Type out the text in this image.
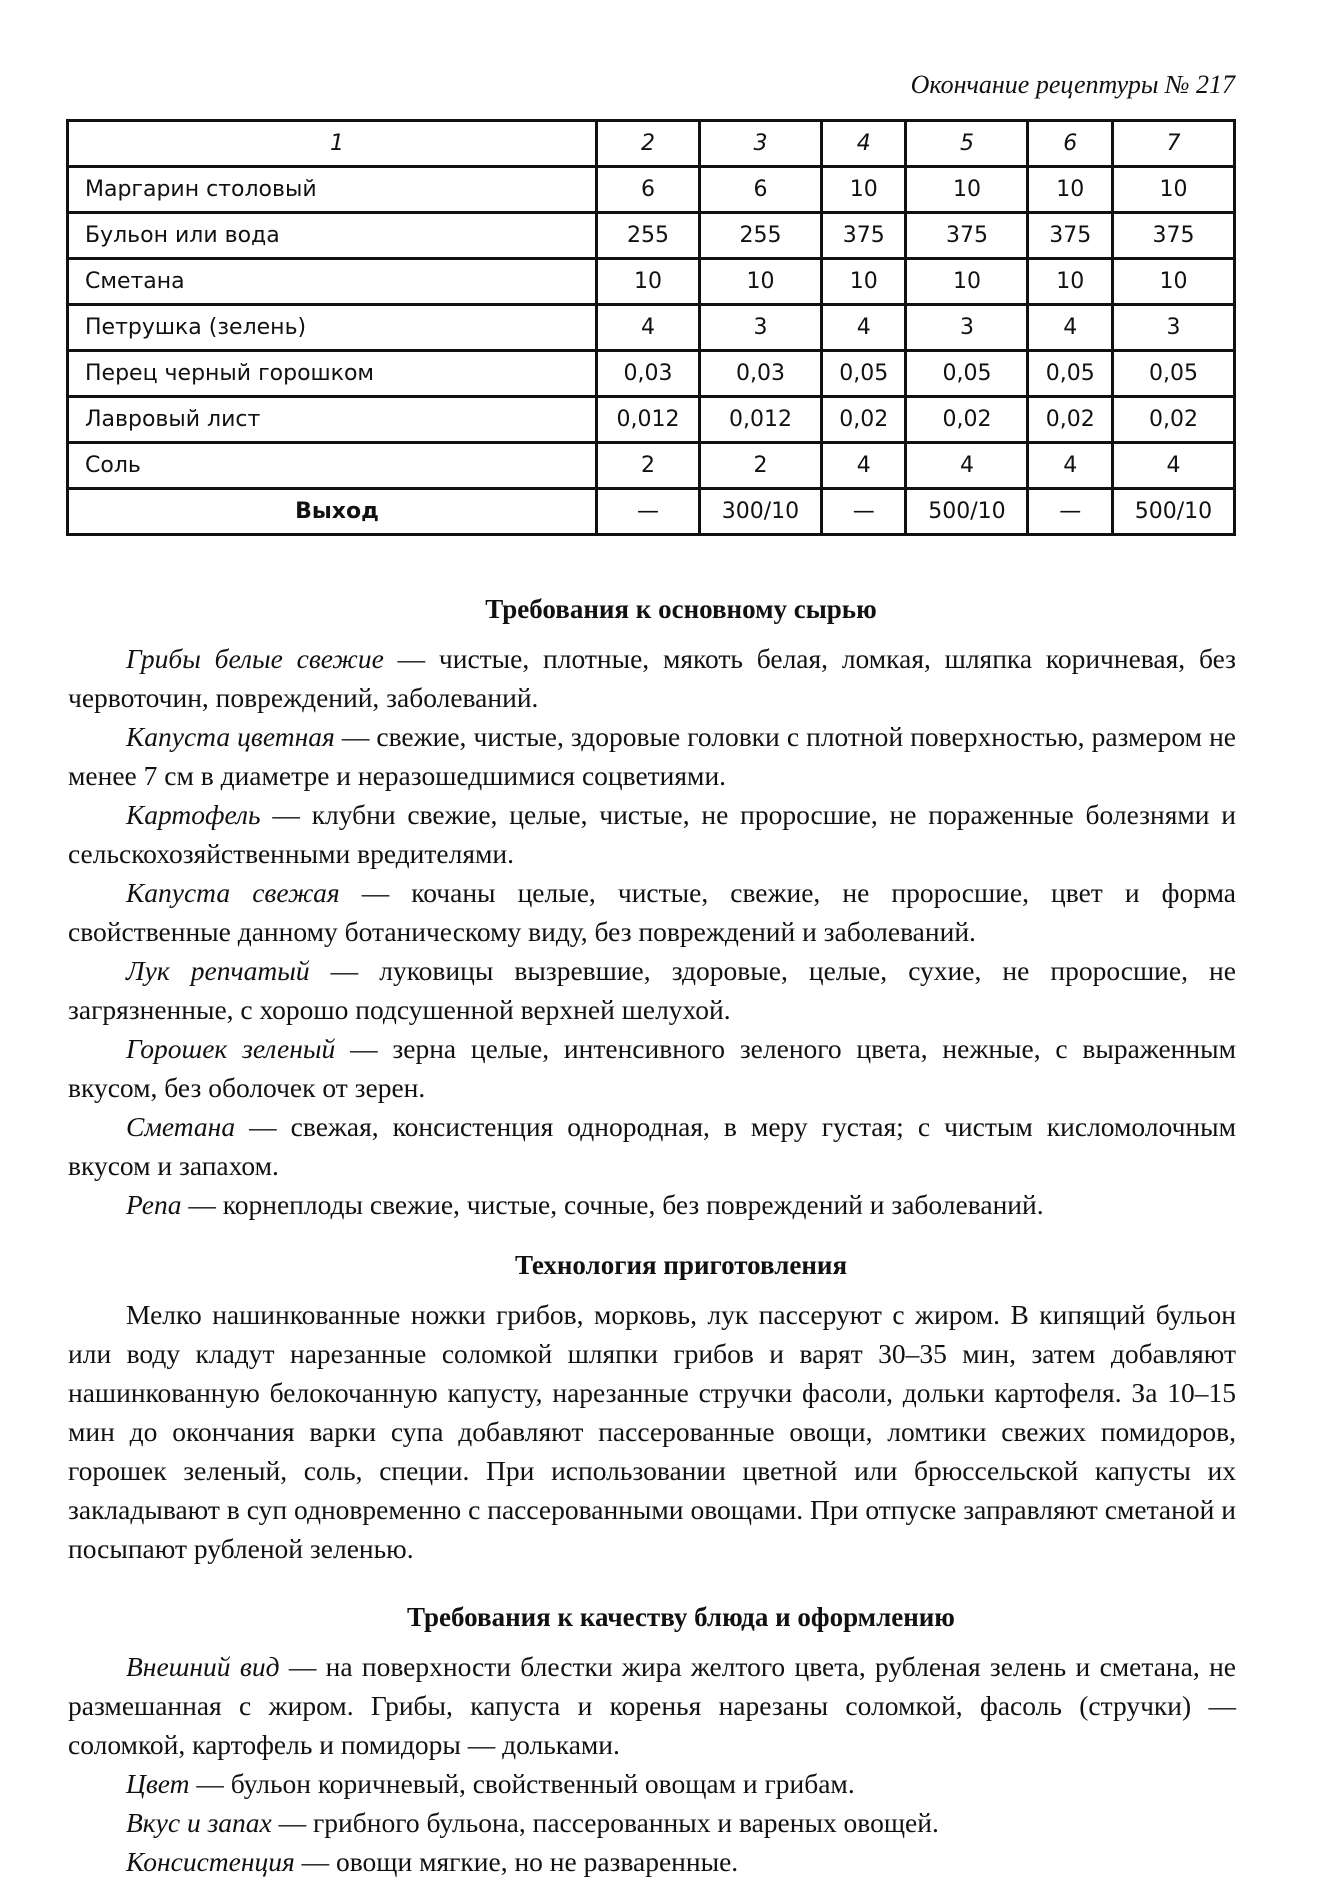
Окончание рецептуры № 217
1	2	3	4	5	6	7
Маргарин столовый	6	6	10	10	10	10
Бульон или вода	255	255	375	375	375	375
Сметана	10	10	10	10	10	10
Петрушка (зелень)	4	3	4	3	4	3
Перец черный горошком	0,03	0,03	0,05	0,05	0,05	0,05
Лавровый лист	0,012	0,012	0,02	0,02	0,02	0,02
Соль	2	2	4	4	4	4
Выход	—	300/10	—	500/10	—	500/10
Требования к основному сырью

Грибы белые свежие — чистые, плотные, мякоть белая, ломкая, шляпка коричневая, без червоточин, повреждений, заболеваний.

Капуста цветная — свежие, чистые, здоровые головки с плотной поверхностью, размером не менее 7 см в диаметре и неразошедшимися соцветиями.

Картофель — клубни свежие, целые, чистые, не проросшие, не пораженные болезнями и сельскохозяйственными вредителями.

Капуста свежая — кочаны целые, чистые, свежие, не проросшие, цвет и форма свойственные данному ботаническому виду, без повреждений и заболеваний.

Лук репчатый — луковицы вызревшие, здоровые, целые, сухие, не проросшие, не загрязненные, с хорошо подсушенной верхней шелухой.

Горошек зеленый — зерна целые, интенсивного зеленого цвета, нежные, с выраженным вкусом, без оболочек от зерен.

Сметана — свежая, консистенция однородная, в меру густая; с чистым кисломолочным вкусом и запахом.

Репа — корнеплоды свежие, чистые, сочные, без повреждений и заболеваний.

Технология приготовления

Мелко нашинкованные ножки грибов, морковь, лук пассеруют с жиром. В кипящий бульон или воду кладут нарезанные соломкой шляпки грибов и варят 30–35 мин, затем добавляют нашинкованную белокочанную капусту, нарезанные стручки фасоли, дольки картофеля. За 10–15 мин до окончания варки супа добавляют пассерованные овощи, ломтики свежих помидоров, горошек зеленый, соль, специи. При использовании цветной или брюссельской капусты их закладывают в суп одновременно с пассерованными овощами. При отпуске заправляют сметаной и посыпают рубленой зеленью.

Требования к качеству блюда и оформлению

Внешний вид — на поверхности блестки жира желтого цвета, рубленая зелень и сметана, не размешанная с жиром. Грибы, капуста и коренья нарезаны соломкой, фасоль (стручки) — соломкой, картофель и помидоры — дольками.

Цвет — бульон коричневый, свойственный овощам и грибам.

Вкус и запах — грибного бульона, пассерованных и вареных овощей.

Консистенция — овощи мягкие, но не разваренные.
